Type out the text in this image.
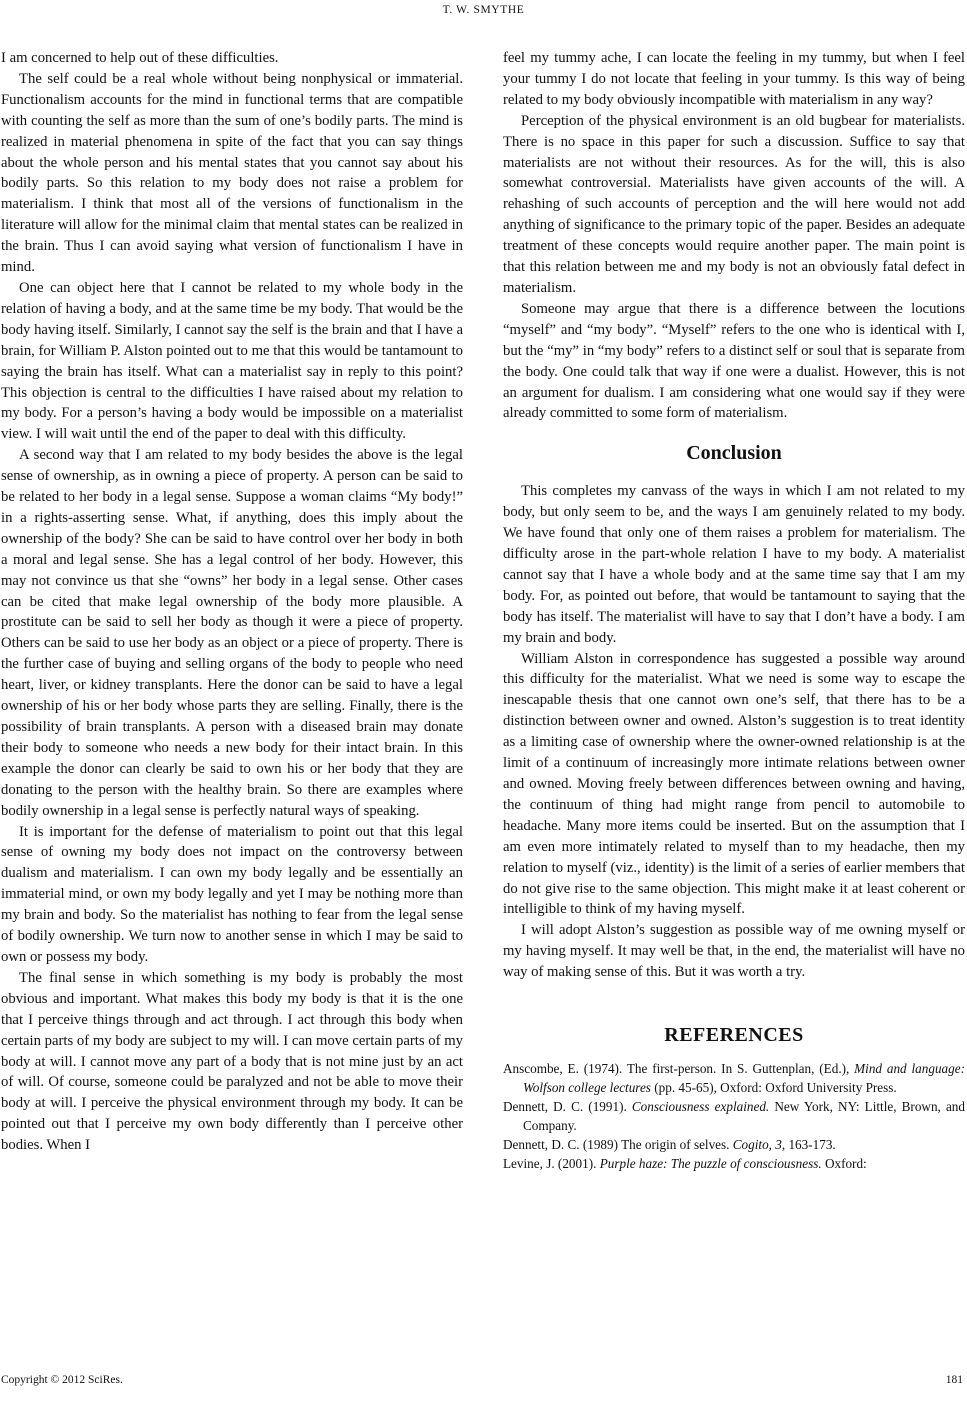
T. W. SMYTHE

I am concerned to help out of these difficulties.

The self could be a real whole without being nonphysical or immaterial. Functionalism accounts for the mind in functional terms that are compatible with counting the self as more than the sum of one’s bodily parts. The mind is realized in material phenomena in spite of the fact that you can say things about the whole person and his mental states that you cannot say about his bodily parts. So this relation to my body does not raise a problem for materialism. I think that most all of the versions of functionalism in the literature will allow for the minimal claim that mental states can be realized in the brain. Thus I can avoid saying what version of functionalism I have in mind.

One can object here that I cannot be related to my whole body in the relation of having a body, and at the same time be my body. That would be the body having itself. Similarly, I cannot say the self is the brain and that I have a brain, for William P. Alston pointed out to me that this would be tantamount to saying the brain has itself. What can a materialist say in reply to this point? This objection is central to the difficulties I have raised about my relation to my body. For a person’s having a body would be impossible on a materialist view. I will wait until the end of the paper to deal with this difficulty.

A second way that I am related to my body besides the above is the legal sense of ownership, as in owning a piece of property. A person can be said to be related to her body in a legal sense. Suppose a woman claims “My body!” in a rights-asserting sense. What, if anything, does this imply about the ownership of the body? She can be said to have control over her body in both a moral and legal sense. She has a legal control of her body. However, this may not convince us that she “owns” her body in a legal sense. Other cases can be cited that make legal ownership of the body more plausible. A prostitute can be said to sell her body as though it were a piece of property. Others can be said to use her body as an object or a piece of property. There is the further case of buying and selling organs of the body to people who need heart, liver, or kidney transplants. Here the donor can be said to have a legal ownership of his or her body whose parts they are selling. Finally, there is the possibility of brain transplants. A person with a diseased brain may donate their body to someone who needs a new body for their intact brain. In this example the donor can clearly be said to own his or her body that they are donating to the person with the healthy brain. So there are examples where bodily ownership in a legal sense is perfectly natural ways of speaking.

It is important for the defense of materialism to point out that this legal sense of owning my body does not impact on the controversy between dualism and materialism. I can own my body legally and be essentially an immaterial mind, or own my body legally and yet I may be nothing more than my brain and body. So the materialist has nothing to fear from the legal sense of bodily ownership. We turn now to another sense in which I may be said to own or possess my body.

The final sense in which something is my body is probably the most obvious and important. What makes this body my body is that it is the one that I perceive things through and act through. I act through this body when certain parts of my body are subject to my will. I can move certain parts of my body at will. I cannot move any part of a body that is not mine just by an act of will. Of course, someone could be paralyzed and not be able to move their body at will. I perceive the physical environment through my body. It can be pointed out that I perceive my own body differently than I perceive other bodies. When I

feel my tummy ache, I can locate the feeling in my tummy, but when I feel your tummy I do not locate that feeling in your tummy. Is this way of being related to my body obviously incompatible with materialism in any way?

Perception of the physical environment is an old bugbear for materialists. There is no space in this paper for such a discussion. Suffice to say that materialists are not without their resources. As for the will, this is also somewhat controversial. Materialists have given accounts of the will. A rehashing of such accounts of perception and the will here would not add anything of significance to the primary topic of the paper. Besides an adequate treatment of these concepts would require another paper. The main point is that this relation between me and my body is not an obviously fatal defect in materialism.

Someone may argue that there is a difference between the locutions “myself” and “my body”. “Myself” refers to the one who is identical with I, but the “my” in “my body” refers to a distinct self or soul that is separate from the body. One could talk that way if one were a dualist. However, this is not an argument for dualism. I am considering what one would say if they were already committed to some form of materialism.

Conclusion

This completes my canvass of the ways in which I am not related to my body, but only seem to be, and the ways I am genuinely related to my body. We have found that only one of them raises a problem for materialism. The difficulty arose in the part-whole relation I have to my body. A materialist cannot say that I have a whole body and at the same time say that I am my body. For, as pointed out before, that would be tantamount to saying that the body has itself. The materialist will have to say that I don’t have a body. I am my brain and body.

William Alston in correspondence has suggested a possible way around this difficulty for the materialist. What we need is some way to escape the inescapable thesis that one cannot own one’s self, that there has to be a distinction between owner and owned. Alston’s suggestion is to treat identity as a limiting case of ownership where the owner-owned relationship is at the limit of a continuum of increasingly more intimate relations between owner and owned. Moving freely between differences between owning and having, the continuum of thing had might range from pencil to automobile to headache. Many more items could be inserted. But on the assumption that I am even more intimately related to myself than to my headache, then my relation to myself (viz., identity) is the limit of a series of earlier members that do not give rise to the same objection. This might make it at least coherent or intelligible to think of my having myself.

I will adopt Alston’s suggestion as possible way of me owning myself or my having myself. It may well be that, in the end, the materialist will have no way of making sense of this. But it was worth a try.

REFERENCES

Anscombe, E. (1974). The first-person. In S. Guttenplan, (Ed.), Mind and language: Wolfson college lectures (pp. 45-65), Oxford: Oxford University Press.

Dennett, D. C. (1991). Consciousness explained. New York, NY: Little, Brown, and Company.

Dennett, D. C. (1989) The origin of selves. Cogito, 3, 163-173.

Levine, J. (2001). Purple haze: The puzzle of consciousness. Oxford:

Copyright © 2012 SciRes.	181
